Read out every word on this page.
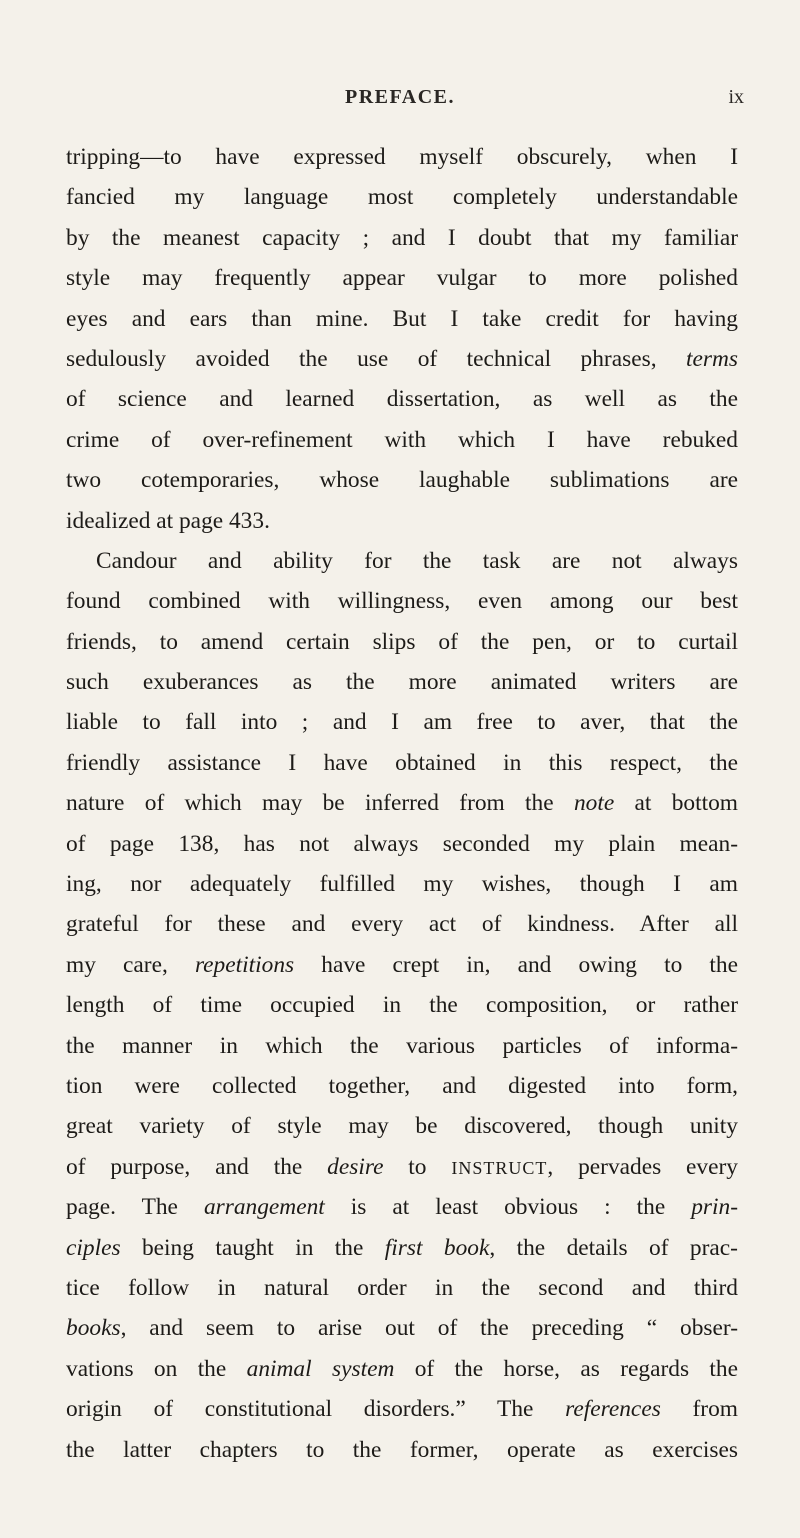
PREFACE.	ix
tripping—to have expressed myself obscurely, when I
fancied my language most completely understandable
by the meanest capacity ; and I doubt that my familiar
style may frequently appear vulgar to more polished
eyes and ears than mine. But I take credit for having
sedulously avoided the use of technical phrases, terms
of science and learned dissertation, as well as the
crime of over-refinement with which I have rebuked
two cotemporaries, whose laughable sublimations are
idealized at page 433.
Candour and ability for the task are not always
found combined with willingness, even among our best
friends, to amend certain slips of the pen, or to curtail
such exuberances as the more animated writers are
liable to fall into ; and I am free to aver, that the
friendly assistance I have obtained in this respect, the
nature of which may be inferred from the note at bottom
of page 138, has not always seconded my plain mean-
ing, nor adequately fulfilled my wishes, though I am
grateful for these and every act of kindness. After all
my care, repetitions have crept in, and owing to the
length of time occupied in the composition, or rather
the manner in which the various particles of informa-
tion were collected together, and digested into form,
great variety of style may be discovered, though unity
of purpose, and the desire to INSTRUCT, pervades every
page. The arrangement is at least obvious : the prin-
ciples being taught in the first book, the details of prac-
tice follow in natural order in the second and third
books, and seem to arise out of the preceding “ obser-
vations on the animal system of the horse, as regards the
origin of constitutional disorders.” The references from
the latter chapters to the former, operate as exercises
